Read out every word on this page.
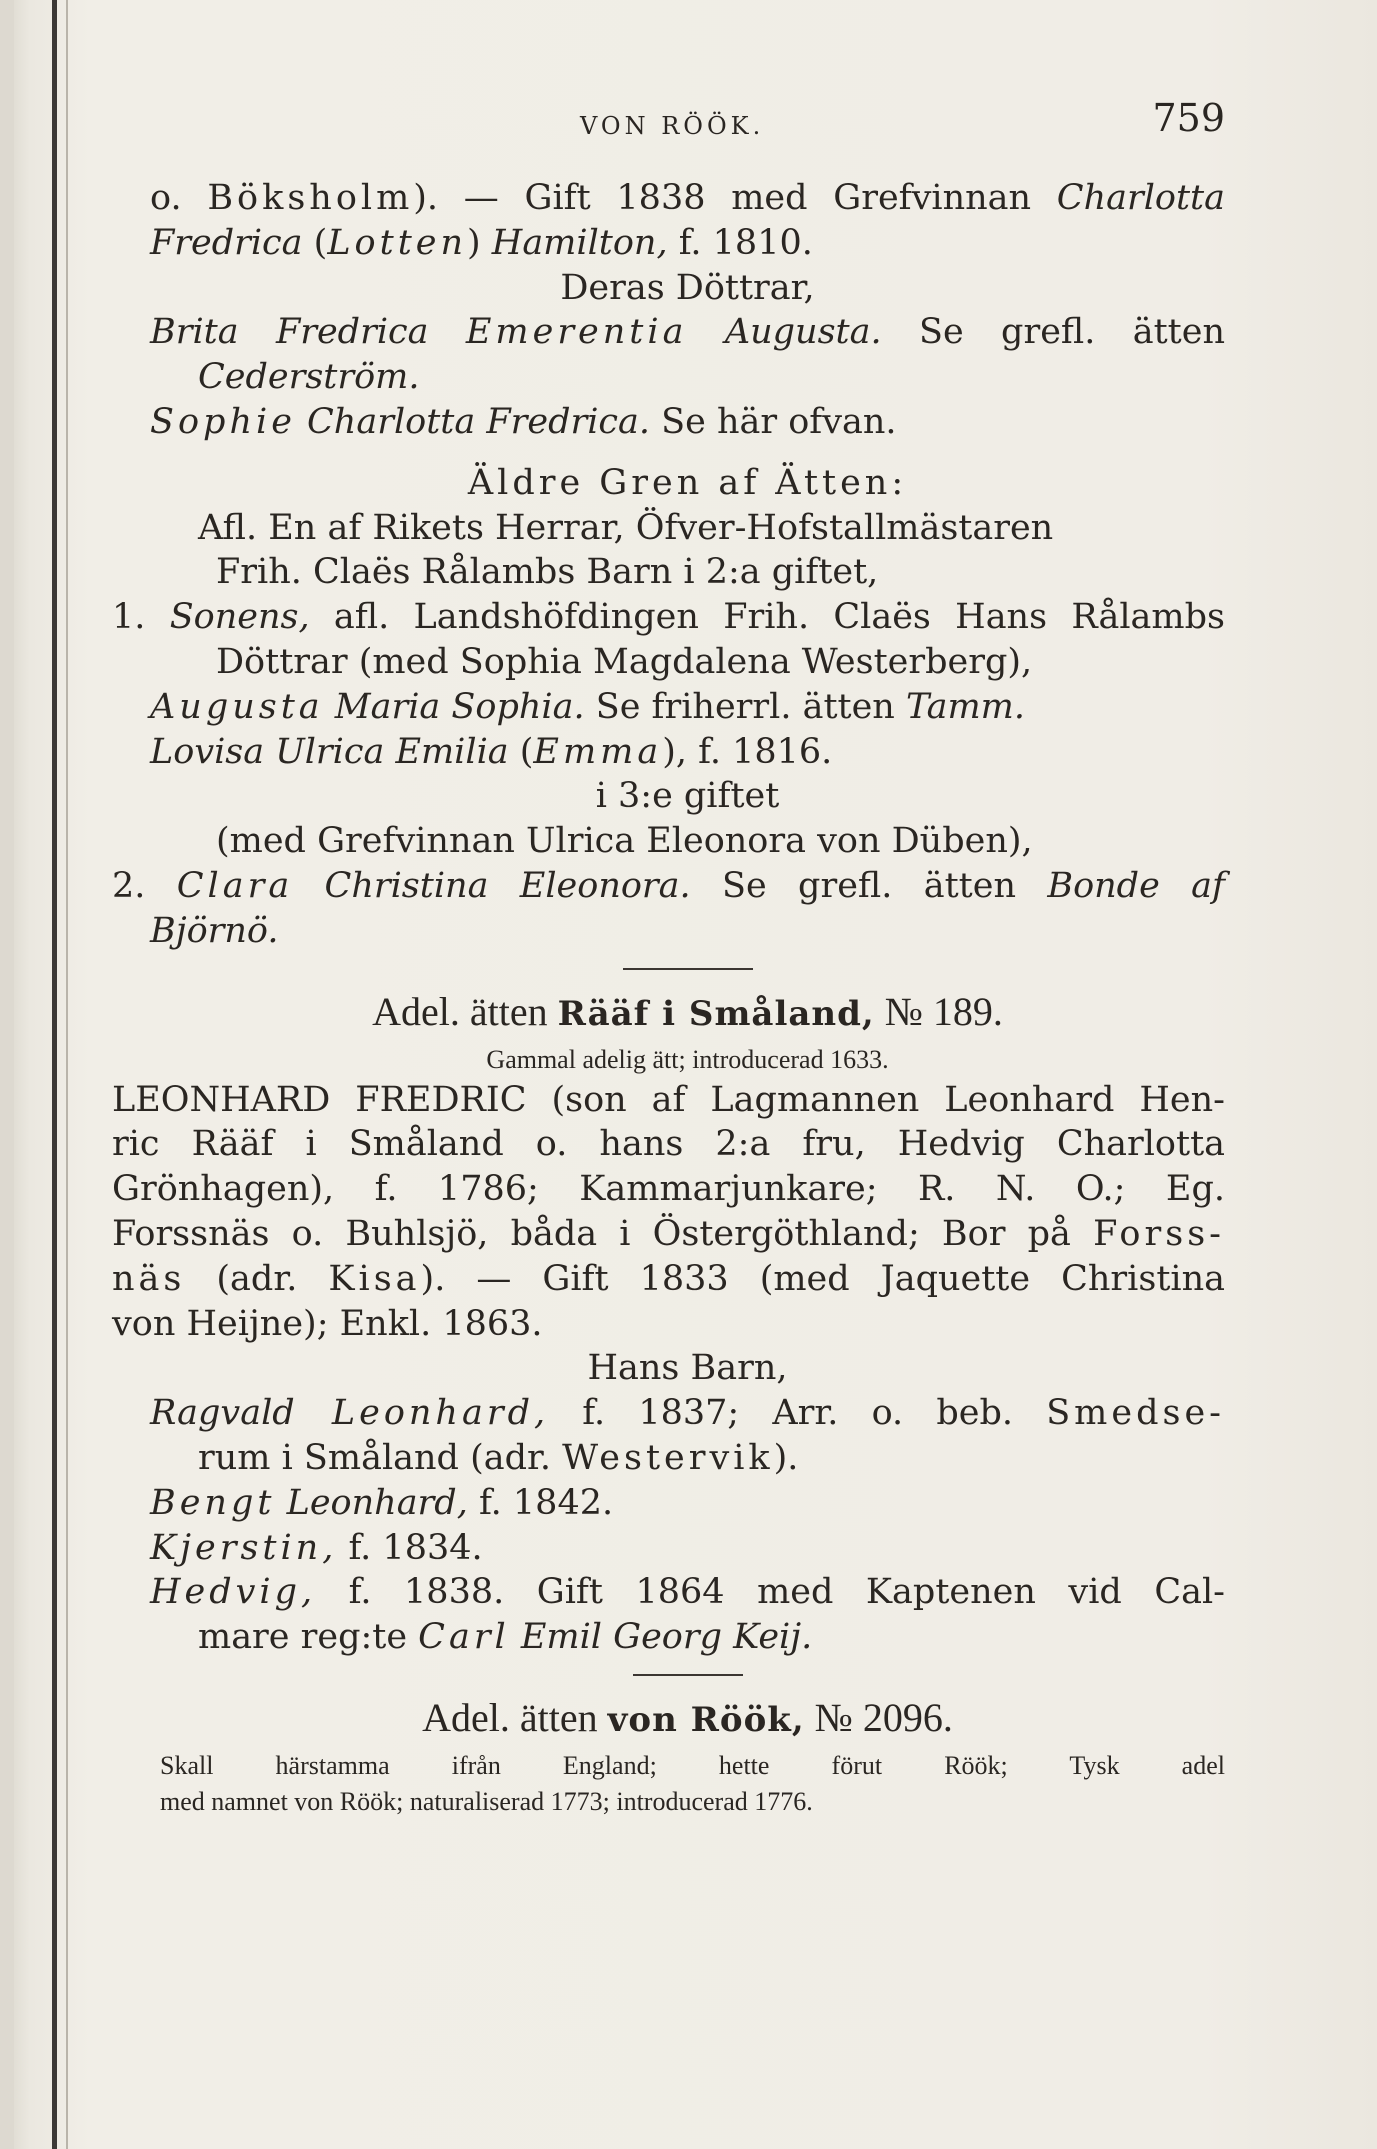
VON RÖÖK.	759
o. Böksholm). — Gift 1838 med Grefvinnan Charlotta
Fredrica (Lotten) Hamilton, f. 1810.
Deras Döttrar,
Brita Fredrica Emerentia Augusta. Se grefl. ätten
Cederström.
Sophie Charlotta Fredrica. Se här ofvan.
Äldre Gren af Ätten:
Afl. En af Rikets Herrar, Öfver-Hofstallmästaren
Frih. Claës Rålambs Barn i 2:a giftet,
1. Sonens, afl. Landshöfdingen Frih. Claës Hans Rålambs
Döttrar (med Sophia Magdalena Westerberg),
Augusta Maria Sophia. Se friherrl. ätten Tamm.
Lovisa Ulrica Emilia (Emma), f. 1816.
i 3:e giftet
(med Grefvinnan Ulrica Eleonora von Düben),
2. Clara Christina Eleonora. Se grefl. ätten Bonde af
Björnö.
Adel. ätten Rääf i Småland, № 189.
Gammal adelig ätt; introducerad 1633.
LEONHARD FREDRIC (son af Lagmannen Leonhard Hen-
ric Rääf i Småland o. hans 2:a fru, Hedvig Charlotta
Grönhagen), f. 1786; Kammarjunkare; R. N. O.; Eg.
Forssnäs o. Buhlsjö, båda i Östergöthland; Bor på Forss-
näs (adr. Kisa). — Gift 1833 (med Jaquette Christina
von Heijne); Enkl. 1863.
Hans Barn,
Ragvald Leonhard, f. 1837; Arr. o. beb. Smedse-
rum i Småland (adr. Westervik).
Bengt Leonhard, f. 1842.
Kjerstin, f. 1834.
Hedvig, f. 1838. Gift 1864 med Kaptenen vid Cal-
mare reg:te Carl Emil Georg Keij.
Adel. ätten von Röök, № 2096.
Skall härstamma ifrån England; hette förut Röök; Tysk adel
med namnet von Röök; naturaliserad 1773; introducerad 1776.
